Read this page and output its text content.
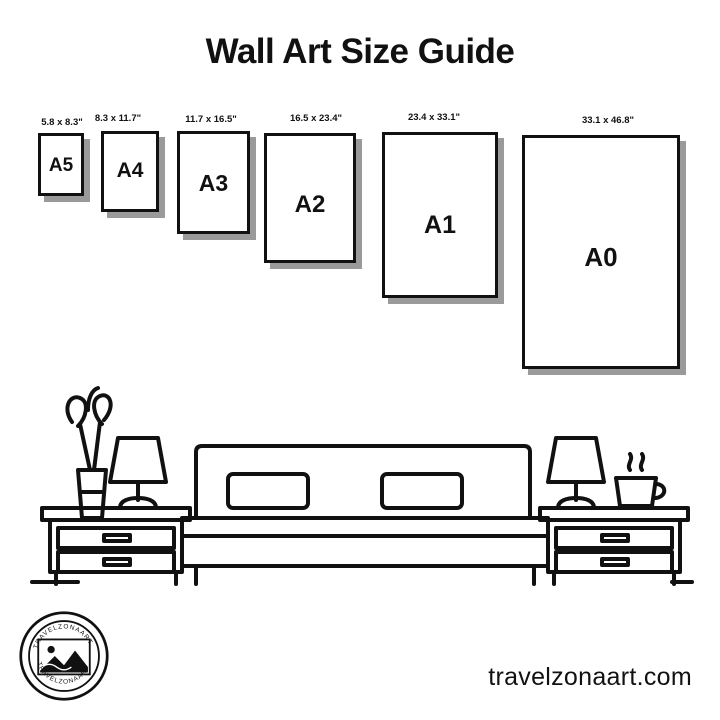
Wall Art Size Guide
5.8 x 8.3"
A5
8.3 x 11.7"
A4
11.7 x 16.5"
A3
16.5 x 23.4"
A2
23.4 x 33.1"
A1
33.1 x 46.8"
A0
TRAVELZONAART
TRAVELZONAART	travelzonaart.com
